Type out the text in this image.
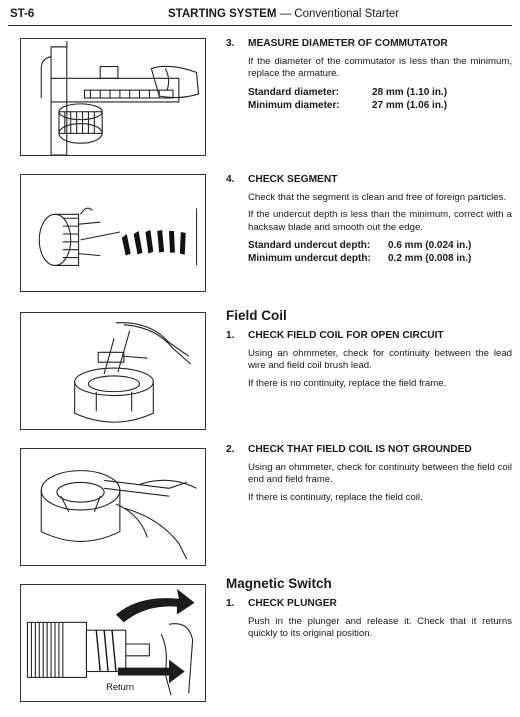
ST-6	STARTING SYSTEM — Conventional Starter
Return
3.	MEASURE DIAMETER OF COMMUTATOR
If the diameter of the commutator is less than the minimum, replace the armature.
Standard diameter:	28 mm (1.10 in.)
Minimum diameter:	27 mm (1.06 in.)
4.	CHECK SEGMENT
Check that the segment is clean and free of foreign particles.
If the undercut depth is less than the minimum, correct with a hacksaw blade and smooth out the edge.
Standard undercut depth: 0.6 mm (0.024 in.)
Minimum undercut depth: 0.2 mm (0.008 in.)
Field Coil
1.	CHECK FIELD COIL FOR OPEN CIRCUIT
Using an ohmmeter, check for continuity between the lead wire and field coil brush lead.
If there is no continuity, replace the field frame.
2.	CHECK THAT FIELD COIL IS NOT GROUNDED
Using an ohmmeter, check for continuity between the field coil end and field frame.
If there is continuity, replace the field coil.
Magnetic Switch
1.	CHECK PLUNGER
Push in the plunger and release it. Check that it returns quickly to its original position.
